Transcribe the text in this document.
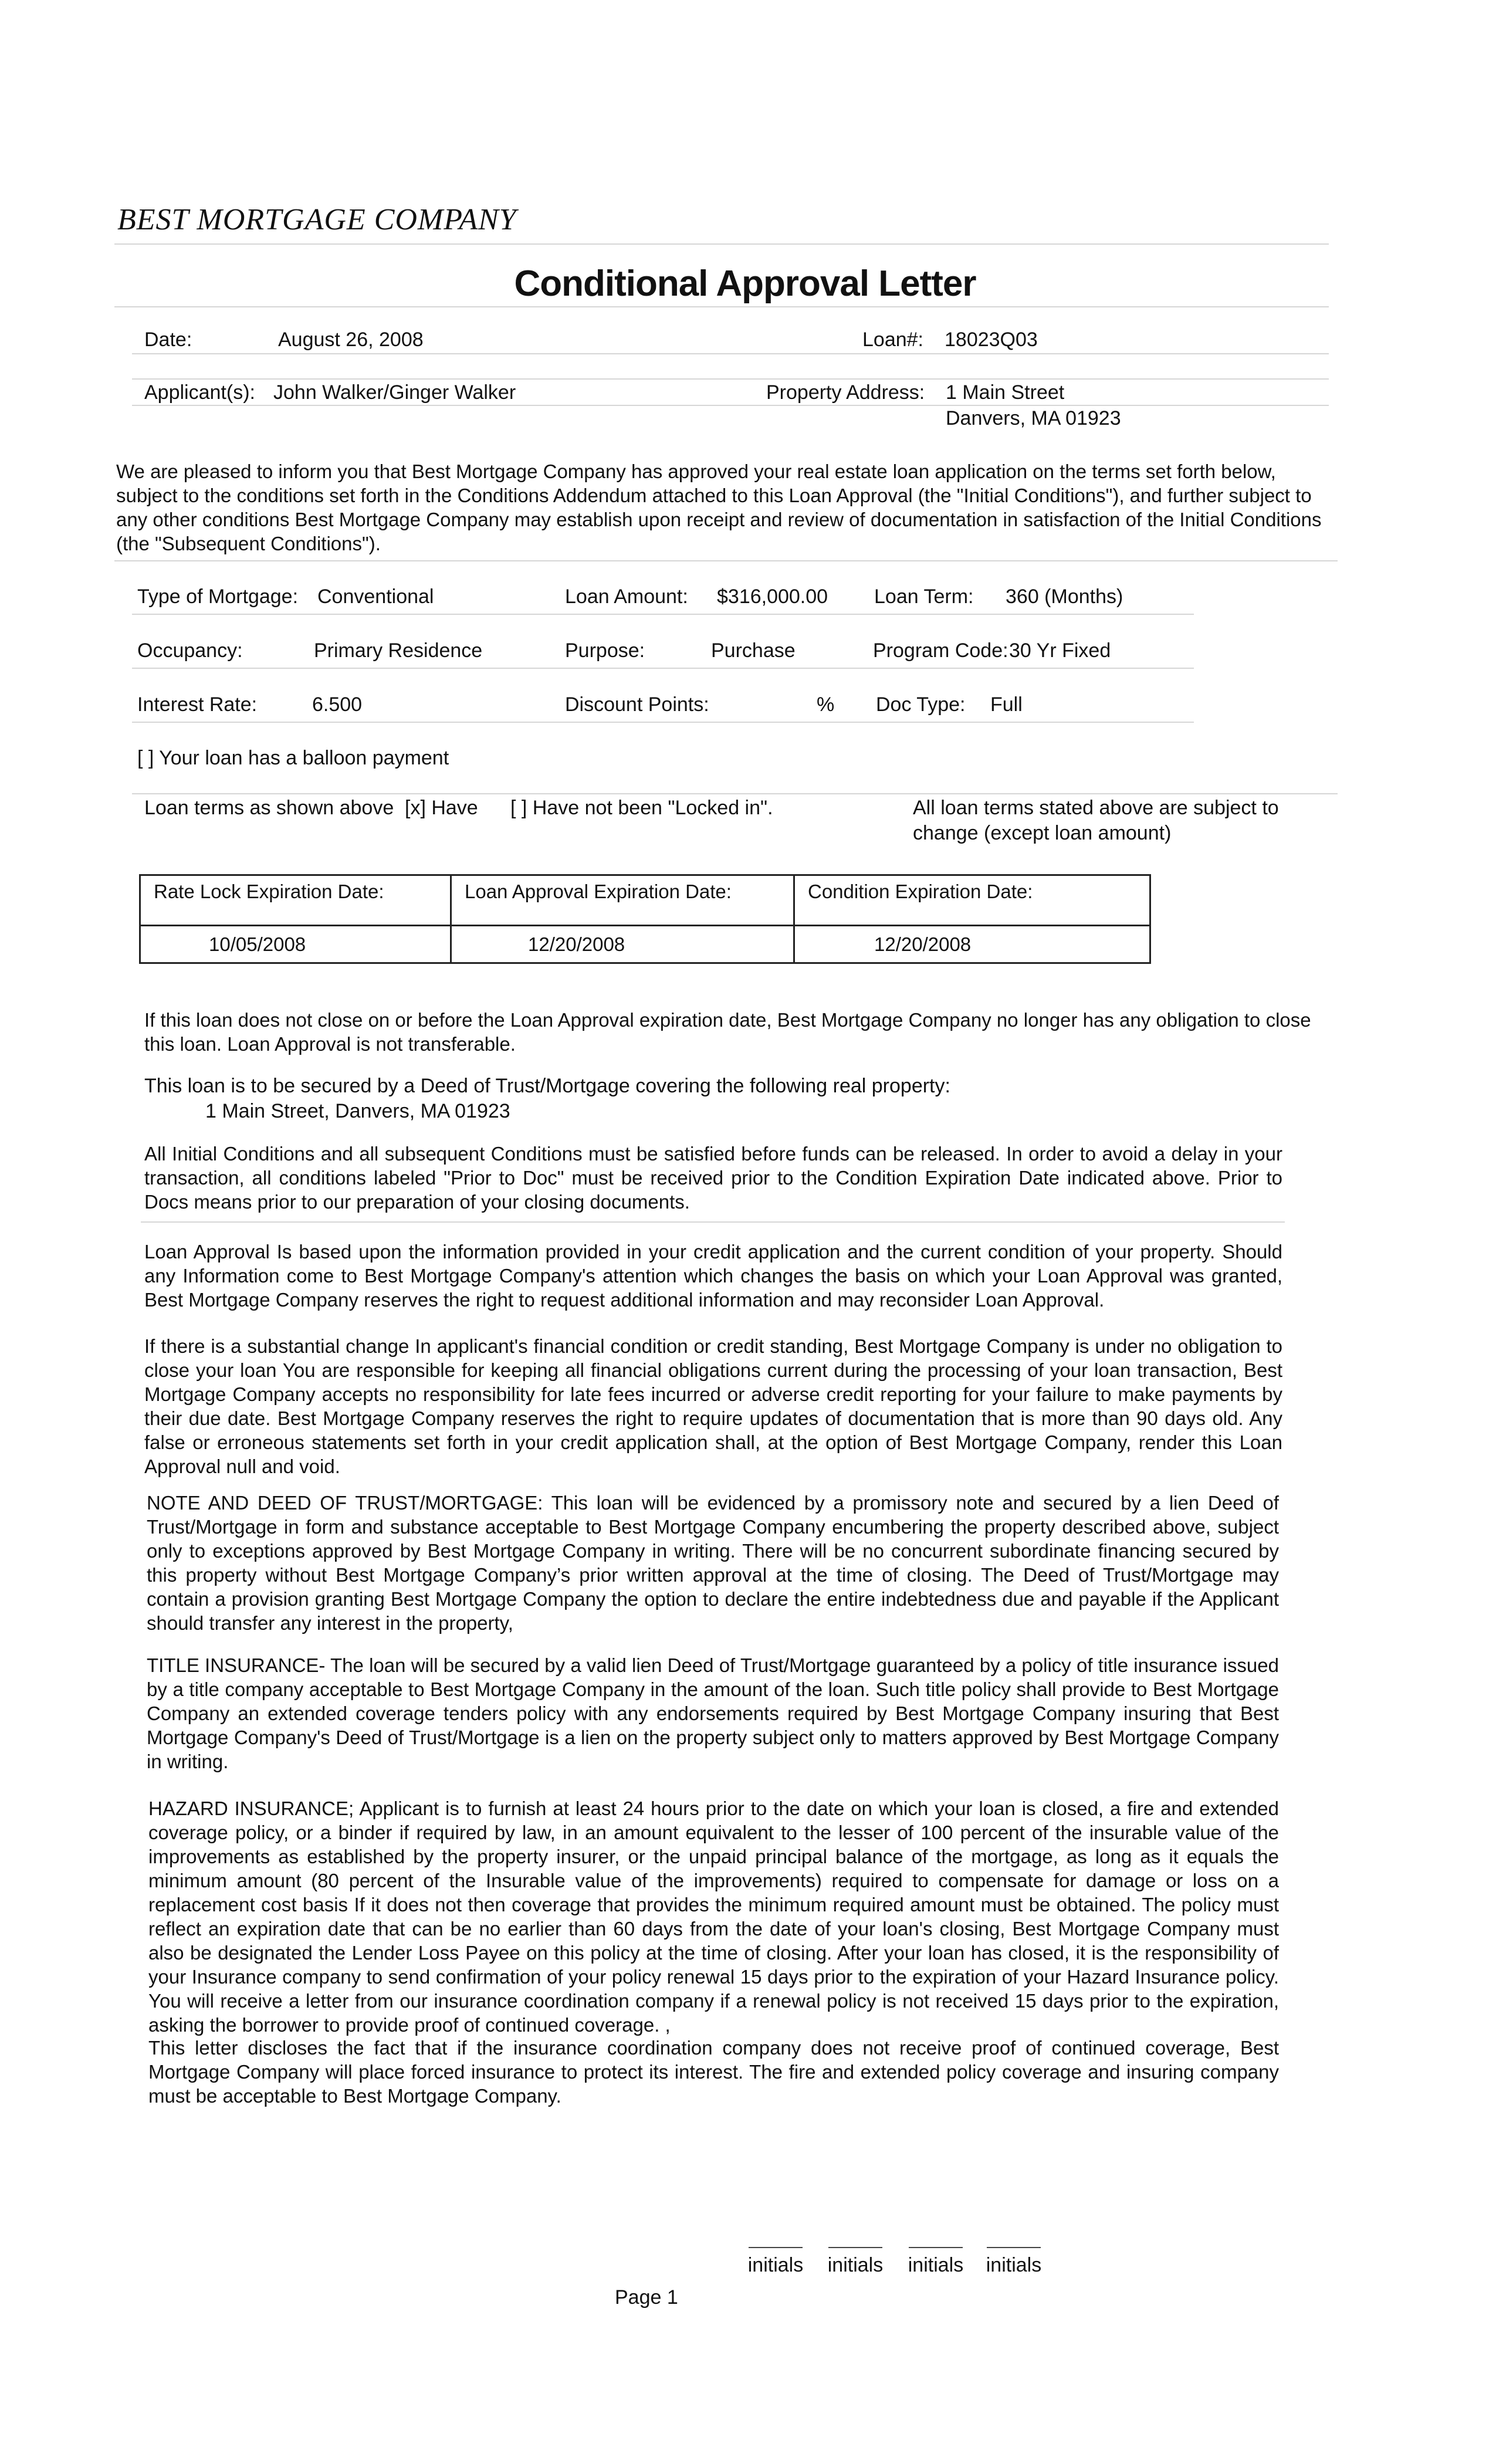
BEST MORTGAGE COMPANY
Conditional Approval Letter
Date:	August 26, 2008	Loan#: 18023Q03
Applicant(s): John Walker/Ginger Walker	Property Address: 1 Main Street
Danvers, MA 01923
We are pleased to inform you that Best Mortgage Company has approved your real estate loan application on the terms set forth below, subject to the conditions set forth in the Conditions Addendum attached to this Loan Approval (the "Initial Conditions"), and further subject to any other conditions Best Mortgage Company may establish upon receipt and review of documentation in satisfaction of the Initial Conditions (the "Subsequent Conditions").
Type of Mortgage: Conventional	Loan Amount: $316,000.00 Loan Term: 360 (Months)
Occupancy:	Primary Residence	Purpose:	Purchase	Program Code: 30 Yr Fixed
Interest Rate:	6.500	Discount Points:	% Doc Type: Full
[ ] Your loan has a balloon payment
Loan terms as shown above [x] Have [ ] Have not been "Locked in".	All loan terms stated above are subject to
change (except loan amount)
Rate Lock Expiration Date:	Loan Approval Expiration Date:	Condition Expiration Date:
10/05/2008	12/20/2008	12/20/2008
If this loan does not close on or before the Loan Approval expiration date, Best Mortgage Company no longer has any obligation to close this loan. Loan Approval is not transferable.
This loan is to be secured by a Deed of Trust/Mortgage covering the following real property:
1 Main Street, Danvers, MA 01923
All Initial Conditions and all subsequent Conditions must be satisfied before funds can be released. In order to avoid a delay in your transaction, all conditions labeled "Prior to Doc" must be received prior to the Condition Expiration Date indicated above. Prior to Docs means prior to our preparation of your closing documents.
Loan Approval Is based upon the information provided in your credit application and the current condition of your property. Should any Information come to Best Mortgage Company's attention which changes the basis on which your Loan Approval was granted, Best Mortgage Company reserves the right to request additional information and may reconsider Loan Approval.
If there is a substantial change In applicant's financial condition or credit standing, Best Mortgage Company is under no obligation to close your loan You are responsible for keeping all financial obligations current during the processing of your loan transaction, Best Mortgage Company accepts no responsibility for late fees incurred or adverse credit reporting for your failure to make payments by their due date. Best Mortgage Company reserves the right to require updates of documentation that is more than 90 days old. Any false or erroneous statements set forth in your credit application shall, at the option of Best Mortgage Company, render this Loan Approval null and void.
NOTE AND DEED OF TRUST/MORTGAGE: This loan will be evidenced by a promissory note and secured by a lien Deed of Trust/Mortgage in form and substance acceptable to Best Mortgage Company encumbering the property described above, subject only to exceptions approved by Best Mortgage Company in writing. There will be no concurrent subordinate financing secured by this property without Best Mortgage Company’s prior written approval at the time of closing. The Deed of Trust/Mortgage may contain a provision granting Best Mortgage Company the option to declare the entire indebtedness due and payable if the Applicant should transfer any interest in the property,
TITLE INSURANCE- The loan will be secured by a valid lien Deed of Trust/Mortgage guaranteed by a policy of title insurance issued by a title company acceptable to Best Mortgage Company in the amount of the loan. Such title policy shall provide to Best Mortgage Company an extended coverage tenders policy with any endorsements required by Best Mortgage Company insuring that Best Mortgage Company's Deed of Trust/Mortgage is a lien on the property subject only to matters approved by Best Mortgage Company in writing.
HAZARD INSURANCE; Applicant is to furnish at least 24 hours prior to the date on which your loan is closed, a fire and extended coverage policy, or a binder if required by law, in an amount equivalent to the lesser of 100 percent of the insurable value of the improvements as established by the property insurer, or the unpaid principal balance of the mortgage, as long as it equals the minimum amount (80 percent of the Insurable value of the improvements) required to compensate for damage or loss on a replacement cost basis If it does not then coverage that provides the minimum required amount must be obtained. The policy must reflect an expiration date that can be no earlier than 60 days from the date of your loan's closing, Best Mortgage Company must also be designated the Lender Loss Payee on this policy at the time of closing. After your loan has closed, it is the responsibility of your Insurance company to send confirmation of your policy renewal 15 days prior to the expiration of your Hazard Insurance policy. You will receive a letter from our insurance coordination company if a renewal policy is not received 15 days prior to the expiration, asking the borrower to provide proof of continued coverage. ,
This letter discloses the fact that if the insurance coordination company does not receive proof of continued coverage, Best Mortgage Company will place forced insurance to protect its interest. The fire and extended policy coverage and insuring company must be acceptable to Best Mortgage Company.
initials initials initials initials
Page 1
